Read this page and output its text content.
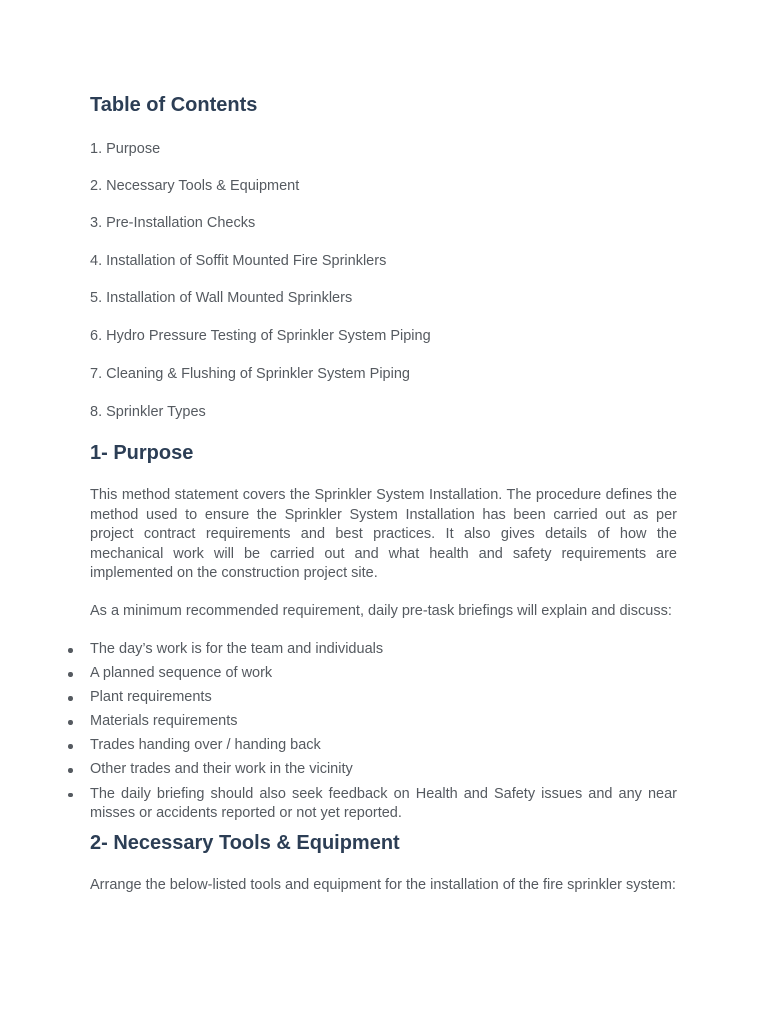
Table of Contents

1. Purpose

2. Necessary Tools & Equipment

3. Pre-Installation Checks

4. Installation of Soffit Mounted Fire Sprinklers

5. Installation of Wall Mounted Sprinklers

6. Hydro Pressure Testing of Sprinkler System Piping

7. Cleaning & Flushing of Sprinkler System Piping

8. Sprinkler Types

1- Purpose

This method statement covers the Sprinkler System Installation. The procedure defines the method used to ensure the Sprinkler System Installation has been carried out as per project contract requirements and best practices. It also gives details of how the mechanical work will be carried out and what health and safety requirements are implemented on the construction project site.

As a minimum recommended requirement, daily pre-task briefings will explain and discuss:

The day’s work is for the team and individuals
A planned sequence of work
Plant requirements
Materials requirements
Trades handing over / handing back
Other trades and their work in the vicinity
The daily briefing should also seek feedback on Health and Safety issues and any near misses or accidents reported or not yet reported.
2- Necessary Tools & Equipment

Arrange the below-listed tools and equipment for the installation of the fire sprinkler system:
